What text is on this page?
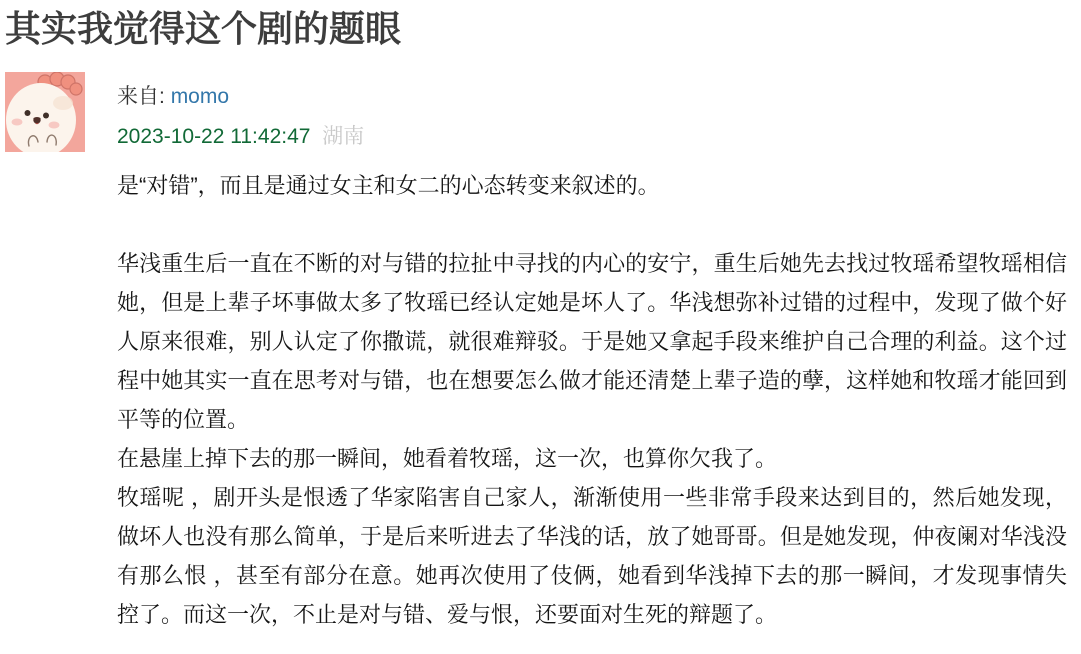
其实我觉得这个剧的题眼
来自: momo
2023-10-22 11:42:47 湖南

是“对错”，而且是通过女主和女二的心态转变来叙述的。

华浅重生后一直在不断的对与错的拉扯中寻找的内心的安宁，重生后她先去找过牧瑶希望牧瑶相信她，但是上辈子坏事做太多了牧瑶已经认定她是坏人了。华浅想弥补过错的过程中，发现了做个好人原来很难，别人认定了你撒谎，就很难辩驳。于是她又拿起手段来维护自己合理的利益。这个过程中她其实一直在思考对与错，也在想要怎么做才能还清楚上辈子造的孽，这样她和牧瑶才能回到平等的位置。

在悬崖上掉下去的那一瞬间，她看着牧瑶，这一次，也算你欠我了。

牧瑶呢 ，剧开头是恨透了华家陷害自己家人，渐渐使用一些非常手段来达到目的，然后她发现，做坏人也没有那么简单，于是后来听进去了华浅的话，放了她哥哥。但是她发现，仲夜阑对华浅没有那么恨 ，甚至有部分在意。她再次使用了伎俩，她看到华浅掉下去的那一瞬间，才发现事情失控了。而这一次，不止是对与错、爱与恨，还要面对生死的辩题了。
